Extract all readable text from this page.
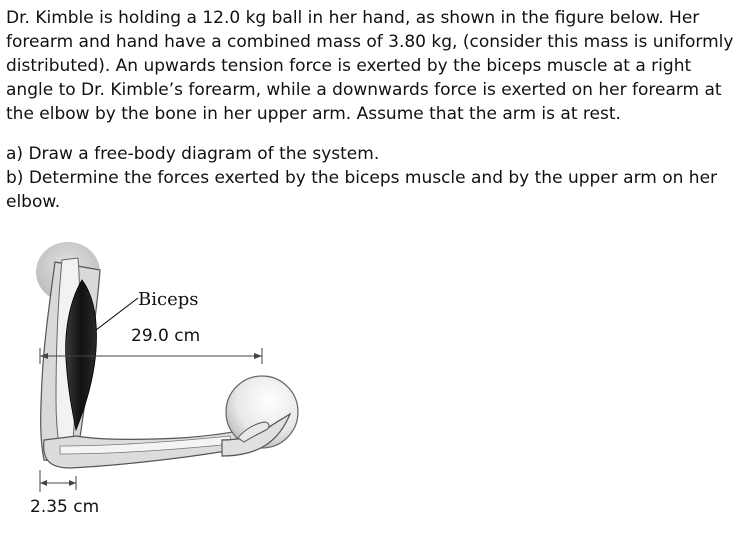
Dr. Kimble is holding a 12.0 kg ball in her hand, as shown in the figure below. Her forearm and hand have a combined mass of 3.80 kg, (consider this mass is uniformly distributed). An upwards tension force is exerted by the biceps muscle at a right angle to Dr. Kimble’s forearm, while a downwards force is exerted on her forearm at the elbow by the bone in her upper arm. Assume that the arm is at rest.

a) Draw a free-body diagram of the system.
b) Determine the forces exerted by the biceps muscle and by the upper arm on her elbow.

Biceps
29.0 cm
2.35 cm
